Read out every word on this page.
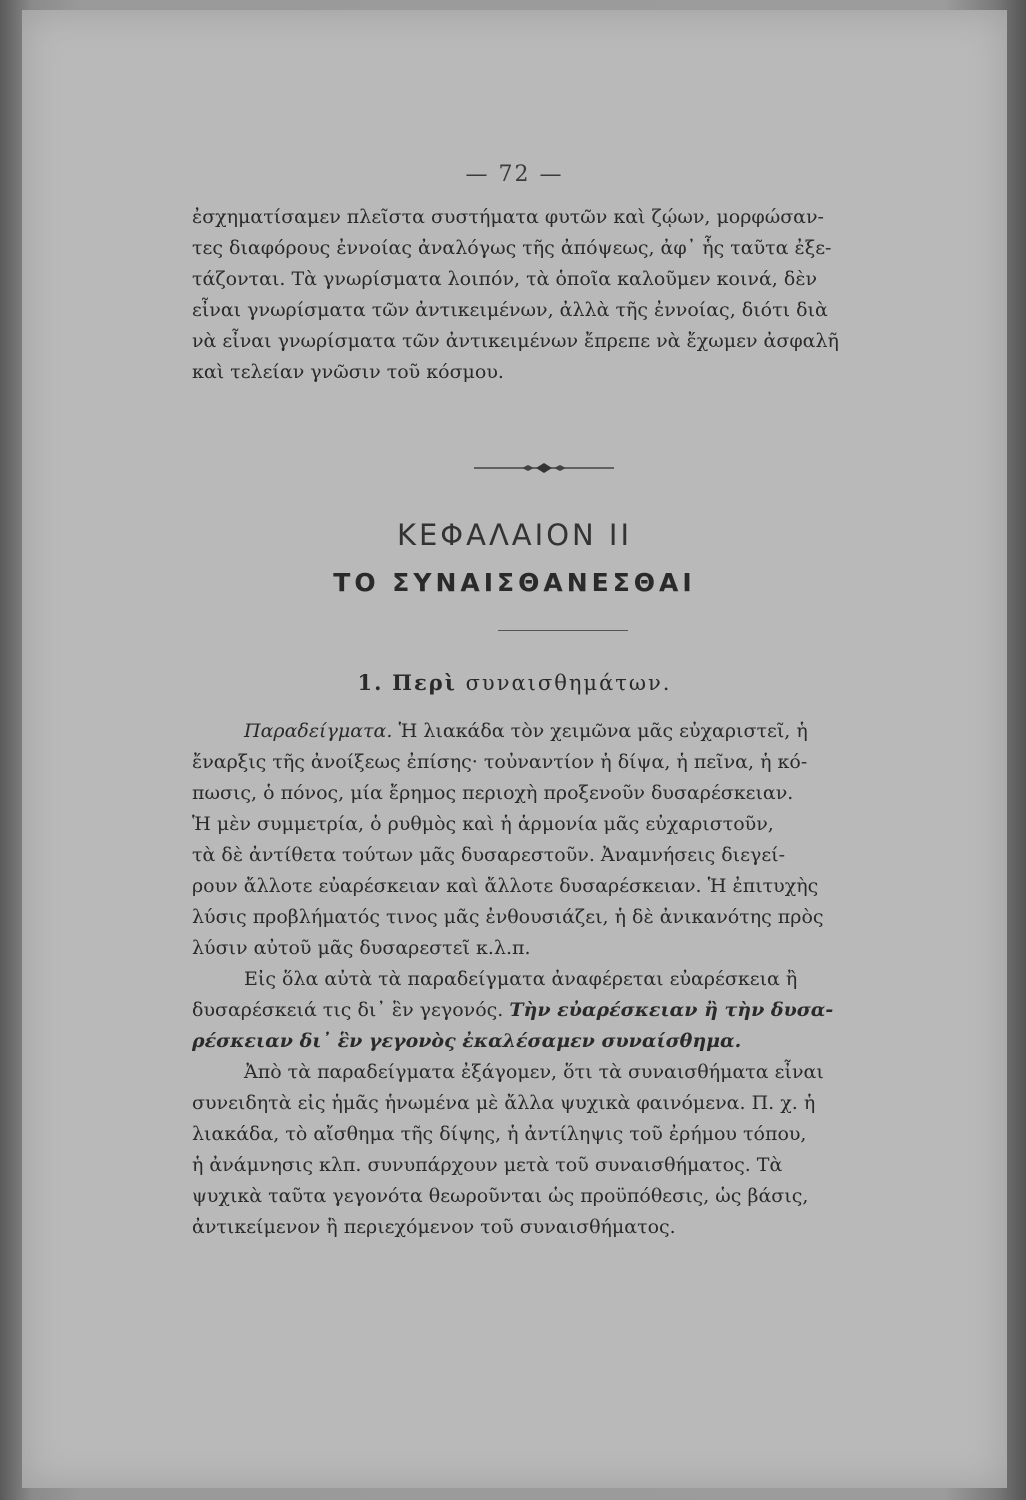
— 72 —
ἐσχηματίσαμεν πλεῖστα συστήματα φυτῶν καὶ ζῴων, μορφώσαν-
τες διαφόρους ἐννοίας ἀναλόγως τῆς ἀπόψεως, ἀφ᾽ ἧς ταῦτα ἐξε-
τάζονται. Τὰ γνωρίσματα λοιπόν, τὰ ὁποῖα καλοῦμεν κοινά, δὲν
εἶναι γνωρίσματα τῶν ἀντικειμένων, ἀλλὰ τῆς ἐννοίας, διότι διὰ
νὰ εἶναι γνωρίσματα τῶν ἀντικειμένων ἔπρεπε νὰ ἔχωμεν ἀσφαλῆ
καὶ τελείαν γνῶσιν τοῦ κόσμου.
ΚΕΦΑΛΑΙΟΝ ΙΙ
ΤΟ ΣΥΝΑΙΣΘΑΝΕΣΘΑΙ
1. Περὶ συναισθημάτων.
Παραδείγματα. Ἡ λιακάδα τὸν χειμῶνα μᾶς εὐχαριστεῖ, ἡ
ἔναρξις τῆς ἀνοίξεως ἐπίσης· τοὐναντίον ἡ δίψα, ἡ πεῖνα, ἡ κό-
πωσις, ὁ πόνος, μία ἔρημος περιοχὴ προξενοῦν δυσαρέσκειαν.
Ἡ μὲν συμμετρία, ὁ ρυθμὸς καὶ ἡ ἁρμονία μᾶς εὐχαριστοῦν,
τὰ δὲ ἀντίθετα τούτων μᾶς δυσαρεστοῦν. Ἀναμνήσεις διεγεί-
ρουν ἄλλοτε εὐαρέσκειαν καὶ ἄλλοτε δυσαρέσκειαν. Ἡ ἐπιτυχὴς
λύσις προβλήματός τινος μᾶς ἐνθουσιάζει, ἡ δὲ ἀνικανότης πρὸς
λύσιν αὐτοῦ μᾶς δυσαρεστεῖ κ.λ.π.
Εἰς ὅλα αὐτὰ τὰ παραδείγματα ἀναφέρεται εὐαρέσκεια ἢ
δυσαρέσκειά τις δι᾽ ἓν γεγονός. Τὴν εὐαρέσκειαν ἢ τὴν δυσα-
ρέσκειαν δι᾽ ἓν γεγονὸς ἐκαλέσαμεν συναίσθημα.
Ἀπὸ τὰ παραδείγματα ἐξάγομεν, ὅτι τὰ συναισθήματα εἶναι
συνειδητὰ εἰς ἡμᾶς ἡνωμένα μὲ ἄλλα ψυχικὰ φαινόμενα. Π. χ. ἡ
λιακάδα, τὸ αἴσθημα τῆς δίψης, ἡ ἀντίληψις τοῦ ἐρήμου τόπου,
ἡ ἀνάμνησις κλπ. συνυπάρχουν μετὰ τοῦ συναισθήματος. Τὰ
ψυχικὰ ταῦτα γεγονότα θεωροῦνται ὡς προϋπόθεσις, ὡς βάσις,
ἀντικείμενον ἢ περιεχόμενον τοῦ συναισθήματος.
